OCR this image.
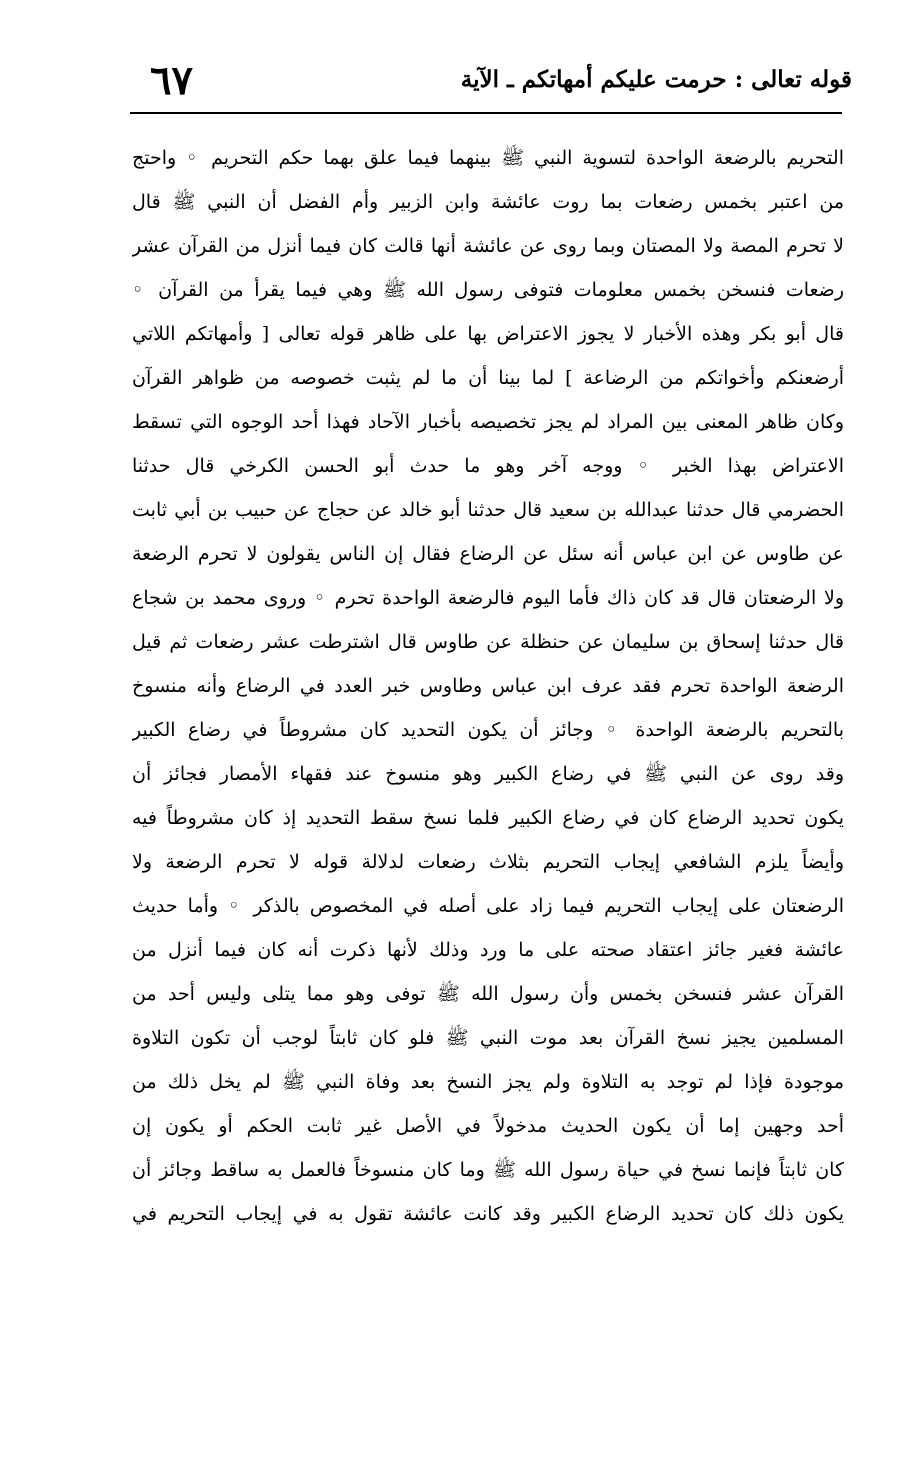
قوله تعالى : حرمت عليكم أمهاتكم ـ الآية
٦٧
التحريم بالرضعة الواحدة لتسوية النبي ﷺ بينهما فيما علق بهما حكم التحريم ◦ واحتج
من اعتبر بخمس رضعات بما روت عائشة وابن الزبير وأم الفضل أن النبي ﷺ قال
لا تحرم المصة ولا المصتان وبما روى عن عائشة أنها قالت كان فيما أنزل من القرآن عشر
رضعات فنسخن بخمس معلومات فتوفى رسول الله ﷺ وهي فيما يقرأ من القرآن ◦
قال أبو بكر وهذه الأخبار لا يجوز الاعتراض بها على ظاهر قوله تعالى [ وأمهاتكم اللاتي
أرضعنكم وأخواتكم من الرضاعة ] لما بينا أن ما لم يثبت خصوصه من ظواهر القرآن
وكان ظاهر المعنى بين المراد لم يجز تخصيصه بأخبار الآحاد فهذا أحد الوجوه التي تسقط
الاعتراض بهذا الخبر ◦ ووجه آخر وهو ما حدث أبو الحسن الكرخي قال حدثنا
الحضرمي قال حدثنا عبدالله بن سعيد قال حدثنا أبو خالد عن حجاج عن حبيب بن أبي ثابت
عن طاوس عن ابن عباس أنه سئل عن الرضاع فقال إن الناس يقولون لا تحرم الرضعة
ولا الرضعتان قال قد كان ذاك فأما اليوم فالرضعة الواحدة تحرم ◦ وروى محمد بن شجاع
قال حدثنا إسحاق بن سليمان عن حنظلة عن طاوس قال اشترطت عشر رضعات ثم قيل
الرضعة الواحدة تحرم فقد عرف ابن عباس وطاوس خبر العدد في الرضاع وأنه منسوخ
بالتحريم بالرضعة الواحدة ◦ وجائز أن يكون التحديد كان مشروطاً في رضاع الكبير
وقد روى عن النبي ﷺ في رضاع الكبير وهو منسوخ عند فقهاء الأمصار فجائز أن
يكون تحديد الرضاع كان في رضاع الكبير فلما نسخ سقط التحديد إذ كان مشروطاً فيه
وأيضاً يلزم الشافعي إيجاب التحريم بثلاث رضعات لدلالة قوله لا تحرم الرضعة ولا
الرضعتان على إيجاب التحريم فيما زاد على أصله في المخصوص بالذكر ◦ وأما حديث
عائشة فغير جائز اعتقاد صحته على ما ورد وذلك لأنها ذكرت أنه كان فيما أنزل من
القرآن عشر فنسخن بخمس وأن رسول الله ﷺ توفى وهو مما يتلى وليس أحد من
المسلمين يجيز نسخ القرآن بعد موت النبي ﷺ فلو كان ثابتاً لوجب أن تكون التلاوة
موجودة فإذا لم توجد به التلاوة ولم يجز النسخ بعد وفاة النبي ﷺ لم يخل ذلك من
أحد وجهين إما أن يكون الحديث مدخولاً في الأصل غير ثابت الحكم أو يكون إن
كان ثابتاً فإنما نسخ في حياة رسول الله ﷺ وما كان منسوخاً فالعمل به ساقط وجائز أن
يكون ذلك كان تحديد الرضاع الكبير وقد كانت عائشة تقول به في إيجاب التحريم في
